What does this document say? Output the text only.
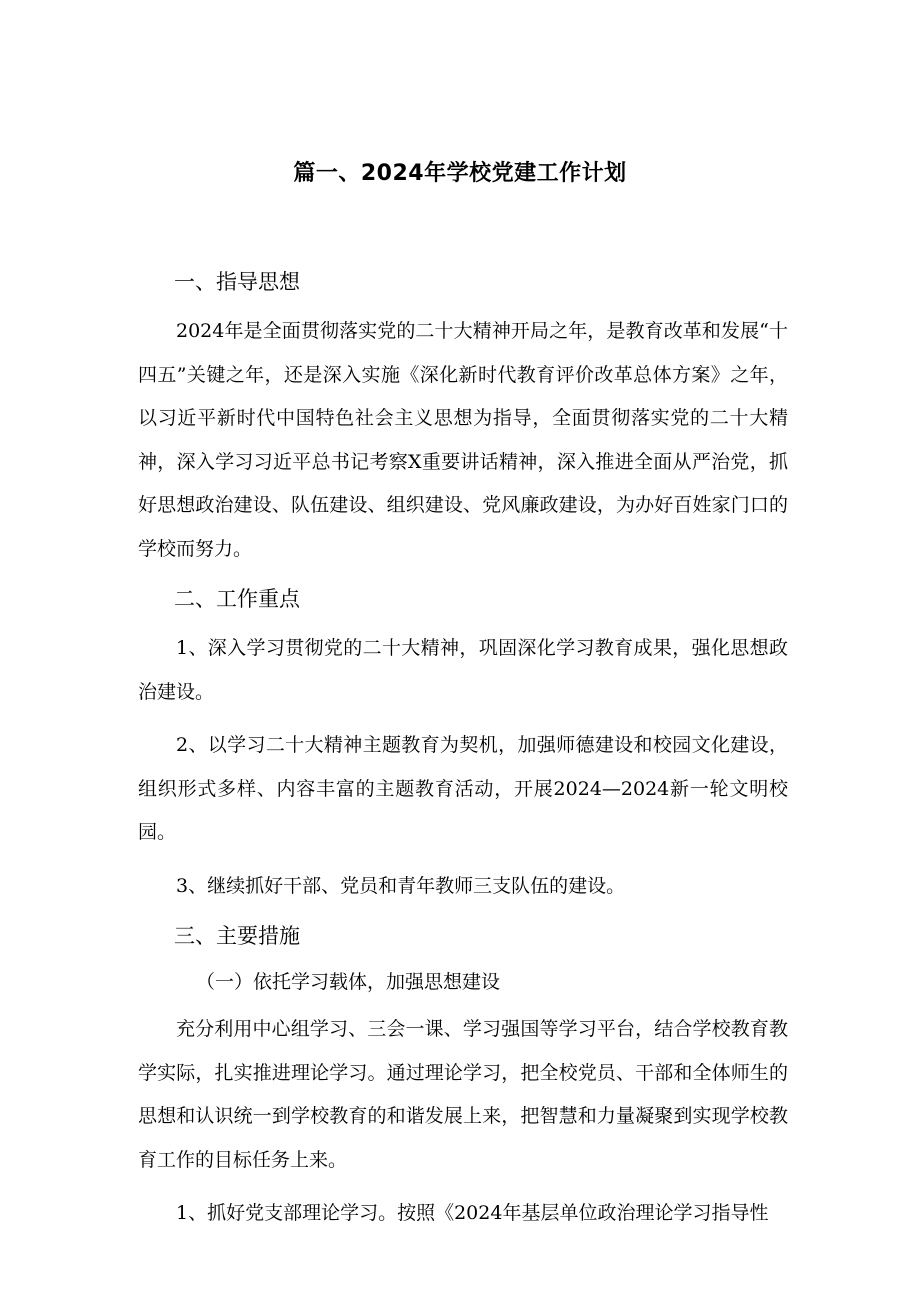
篇一、2024年学校党建工作计划
一、指导思想

2024年是全面贯彻落实党的二十大精神开局之年，是教育改革和发展“十四五”关键之年，还是深入实施《深化新时代教育评价改革总体方案》之年，以习近平新时代中国特色社会主义思想为指导，全面贯彻落实党的二十大精神，深入学习习近平总书记考察X重要讲话精神，深入推进全面从严治党，抓好思想政治建设、队伍建设、组织建设、党风廉政建设，为办好百姓家门口的学校而努力。

二、工作重点

1、深入学习贯彻党的二十大精神，巩固深化学习教育成果，强化思想政治建设。

2、以学习二十大精神主题教育为契机，加强师德建设和校园文化建设，组织形式多样、内容丰富的主题教育活动，开展2024—2024新一轮文明校园。

3、继续抓好干部、党员和青年教师三支队伍的建设。

三、主要措施
（一）依托学习载体，加强思想建设

充分利用中心组学习、三会一课、学习强国等学习平台，结合学校教育教学实际，扎实推进理论学习。通过理论学习，把全校党员、干部和全体师生的思想和认识统一到学校教育的和谐发展上来，把智慧和力量凝聚到实现学校教育工作的目标任务上来。

1、抓好党支部理论学习。按照《2024年基层单位政治理论学习指导性
